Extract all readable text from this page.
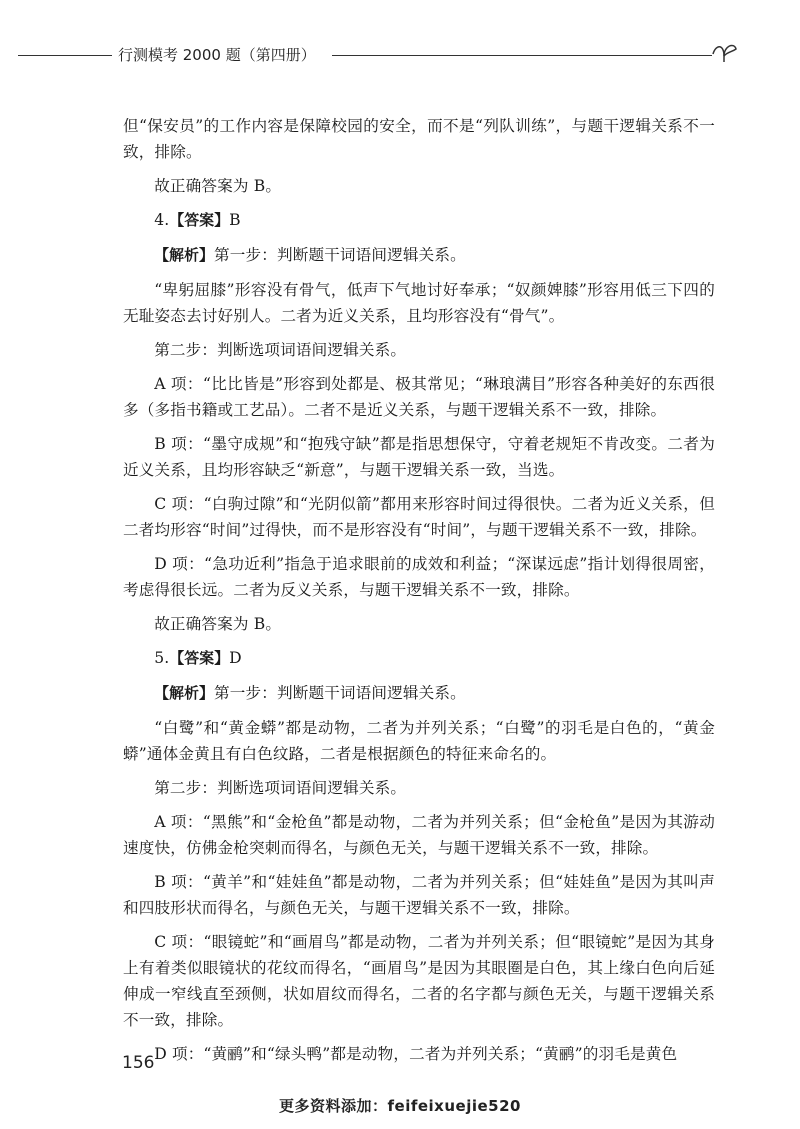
行测模考 2000 题（第四册）

但“保安员”的工作内容是保障校园的安全，而不是“列队训练”，与题干逻辑关系不一致，排除。

故正确答案为 B。

4.【答案】B

【解析】第一步：判断题干词语间逻辑关系。

“卑躬屈膝”形容没有骨气，低声下气地讨好奉承；“奴颜婢膝”形容用低三下四的无耻姿态去讨好别人。二者为近义关系，且均形容没有“骨气”。

第二步：判断选项词语间逻辑关系。

A 项：“比比皆是”形容到处都是、极其常见；“琳琅满目”形容各种美好的东西很多（多指书籍或工艺品）。二者不是近义关系，与题干逻辑关系不一致，排除。

B 项：“墨守成规”和“抱残守缺”都是指思想保守，守着老规矩不肯改变。二者为近义关系，且均形容缺乏“新意”，与题干逻辑关系一致，当选。

C 项：“白驹过隙”和“光阴似箭”都用来形容时间过得很快。二者为近义关系，但二者均形容“时间”过得快，而不是形容没有“时间”，与题干逻辑关系不一致，排除。

D 项：“急功近利”指急于追求眼前的成效和利益；“深谋远虑”指计划得很周密，考虑得很长远。二者为反义关系，与题干逻辑关系不一致，排除。

故正确答案为 B。

5.【答案】D

【解析】第一步：判断题干词语间逻辑关系。

“白鹭”和“黄金蟒”都是动物，二者为并列关系；“白鹭”的羽毛是白色的，“黄金蟒”通体金黄且有白色纹路，二者是根据颜色的特征来命名的。

第二步：判断选项词语间逻辑关系。

A 项：“黑熊”和“金枪鱼”都是动物，二者为并列关系；但“金枪鱼”是因为其游动速度快，仿佛金枪突刺而得名，与颜色无关，与题干逻辑关系不一致，排除。

B 项：“黄羊”和“娃娃鱼”都是动物，二者为并列关系；但“娃娃鱼”是因为其叫声和四肢形状而得名，与颜色无关，与题干逻辑关系不一致，排除。

C 项：“眼镜蛇”和“画眉鸟”都是动物，二者为并列关系；但“眼镜蛇”是因为其身上有着类似眼镜状的花纹而得名，“画眉鸟”是因为其眼圈是白色，其上缘白色向后延伸成一窄线直至颈侧，状如眉纹而得名，二者的名字都与颜色无关，与题干逻辑关系不一致，排除。

D 项：“黄鹂”和“绿头鸭”都是动物，二者为并列关系；“黄鹂”的羽毛是黄色

156
更多资料添加：feifeixuejie520
